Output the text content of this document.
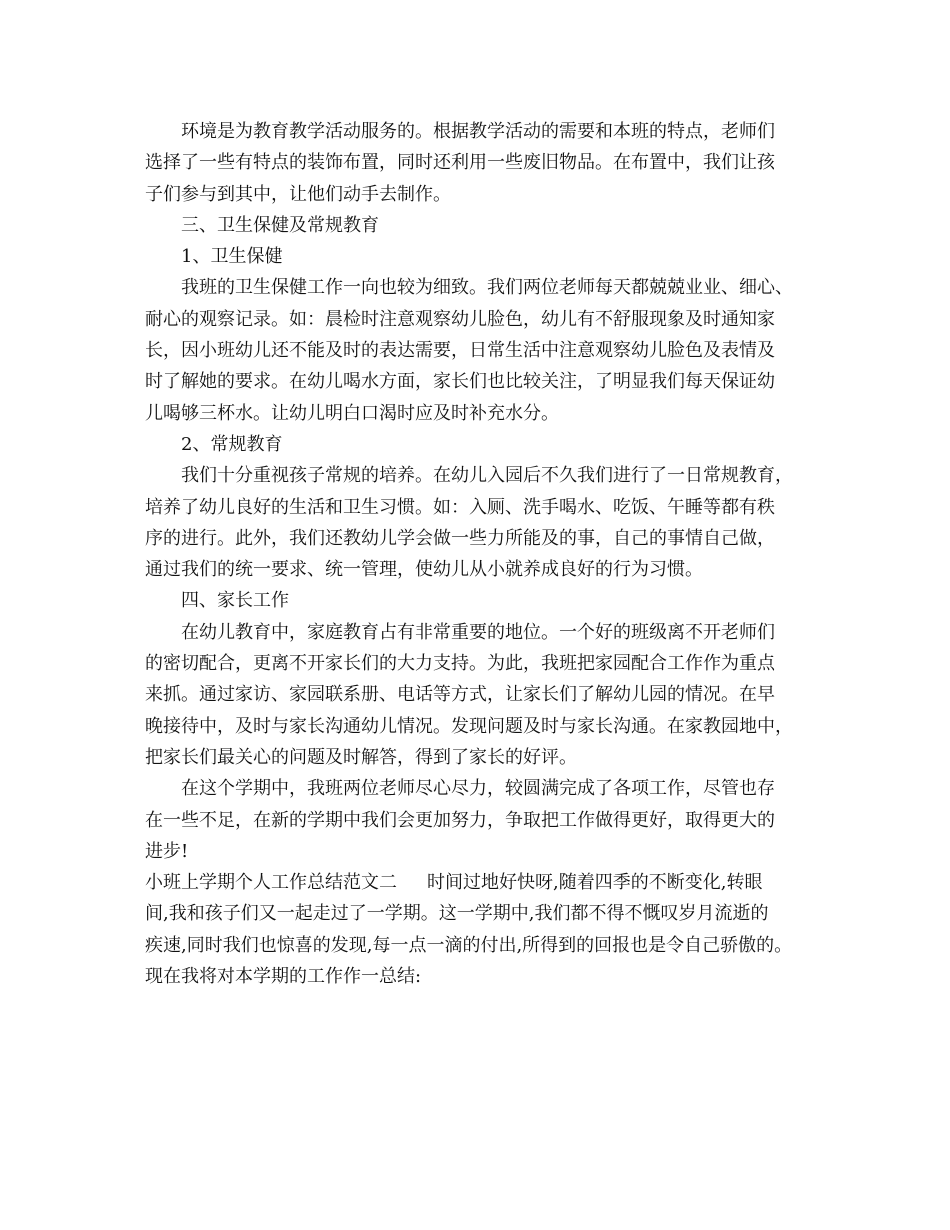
环境是为教育教学活动服务的。根据教学活动的需要和本班的特点，老师们
选择了一些有特点的装饰布置，同时还利用一些废旧物品。在布置中，我们让孩
子们参与到其中，让他们动手去制作。

三、卫生保健及常规教育

1、卫生保健

我班的卫生保健工作一向也较为细致。我们两位老师每天都兢兢业业、细心、
耐心的观察记录。如：晨检时注意观察幼儿脸色，幼儿有不舒服现象及时通知家
长，因小班幼儿还不能及时的表达需要，日常生活中注意观察幼儿脸色及表情及
时了解她的要求。在幼儿喝水方面，家长们也比较关注，了明显我们每天保证幼
儿喝够三杯水。让幼儿明白口渴时应及时补充水分。

2、常规教育

我们十分重视孩子常规的培养。在幼儿入园后不久我们进行了一日常规教育，
培养了幼儿良好的生活和卫生习惯。如：入厕、洗手喝水、吃饭、午睡等都有秩
序的进行。此外，我们还教幼儿学会做一些力所能及的事，自己的事情自己做，
通过我们的统一要求、统一管理，使幼儿从小就养成良好的行为习惯。

四、家长工作

在幼儿教育中，家庭教育占有非常重要的地位。一个好的班级离不开老师们
的密切配合，更离不开家长们的大力支持。为此，我班把家园配合工作作为重点
来抓。通过家访、家园联系册、电话等方式，让家长们了解幼儿园的情况。在早
晚接待中，及时与家长沟通幼儿情况。发现问题及时与家长沟通。在家教园地中，
把家长们最关心的问题及时解答，得到了家长的好评。

在这个学期中，我班两位老师尽心尽力，较圆满完成了各项工作，尽管也存
在一些不足，在新的学期中我们会更加努力，争取把工作做得更好，取得更大的
进步!

小班上学期个人工作总结范文二 时间过地好快呀,随着四季的不断变化,转眼
间,我和孩子们又一起走过了一学期。这一学期中,我们都不得不慨叹岁月流逝的
疾速,同时我们也惊喜的发现,每一点一滴的付出,所得到的回报也是令自己骄傲的。
现在我将对本学期的工作作一总结:
